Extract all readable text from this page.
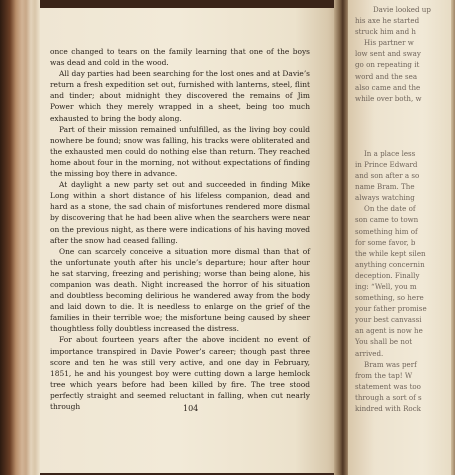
once changed to tears on the family learning that one of the boys was dead and cold in the wood.

All day parties had been searching for the lost ones and at Davie’s return a fresh expedition set out, furnished with lanterns, steel, flint and tinder; about midnight they discovered the remains of Jim Power which they merely wrapped in a sheet, being too much exhausted to bring the body along.

Part of their mission remained unfulfilled, as the living boy could nowhere be found; snow was falling, his tracks were obliterated and the exhausted men could do nothing else than return. They reached home about four in the morning, not without expectations of finding the missing boy there in advance.

At daylight a new party set out and succeeded in finding Mike Long within a short distance of his lifeless companion, dead and hard as a stone, the sad chain of misfortunes rendered more dismal by discovering that he had been alive when the searchers were near on the previous night, as there were indications of his having moved after the snow had ceased falling.

One can scarcely conceive a situation more dismal than that of the unfortunate youth after his uncle’s departure; hour after hour he sat starving, freezing and perishing; worse than being alone, his companion was death. Night increased the horror of his situation and doubtless becoming delirious he wandered away from the body and laid down to die. It is needless to enlarge on the grief of the families in their terrible woe; the misfortune being caused by sheer thoughtless folly doubtless increased the distress.

For about fourteen years after the above incident no event of importance transpired in Davie Power’s career; though past three score and ten he was still very active, and one day in February, 1851, he and his youngest boy were cutting down a large hemlock tree which years before had been killed by fire. The tree stood perfectly straight and seemed reluctant in falling, when cut nearly through	104
Davie looked up
his axe he started
struck him and h
His partner w
low sent and sway
go on repeating it
word and the sea
also came and the
while over both, w
In a place less
in Prince Edward
and son after a so
name Bram. The
always watching
On the date of
son came to town
something him of
for some favor, b
the while kept silen
anything concernin
deception. Finally
ing: “Well, you m
something, so here
your father promise
your best canvassi
an agent is now he
You shall be not
arrived.
Bram was perf
from the tap! W
statement was too
through a sort of s
kindred with Rock
